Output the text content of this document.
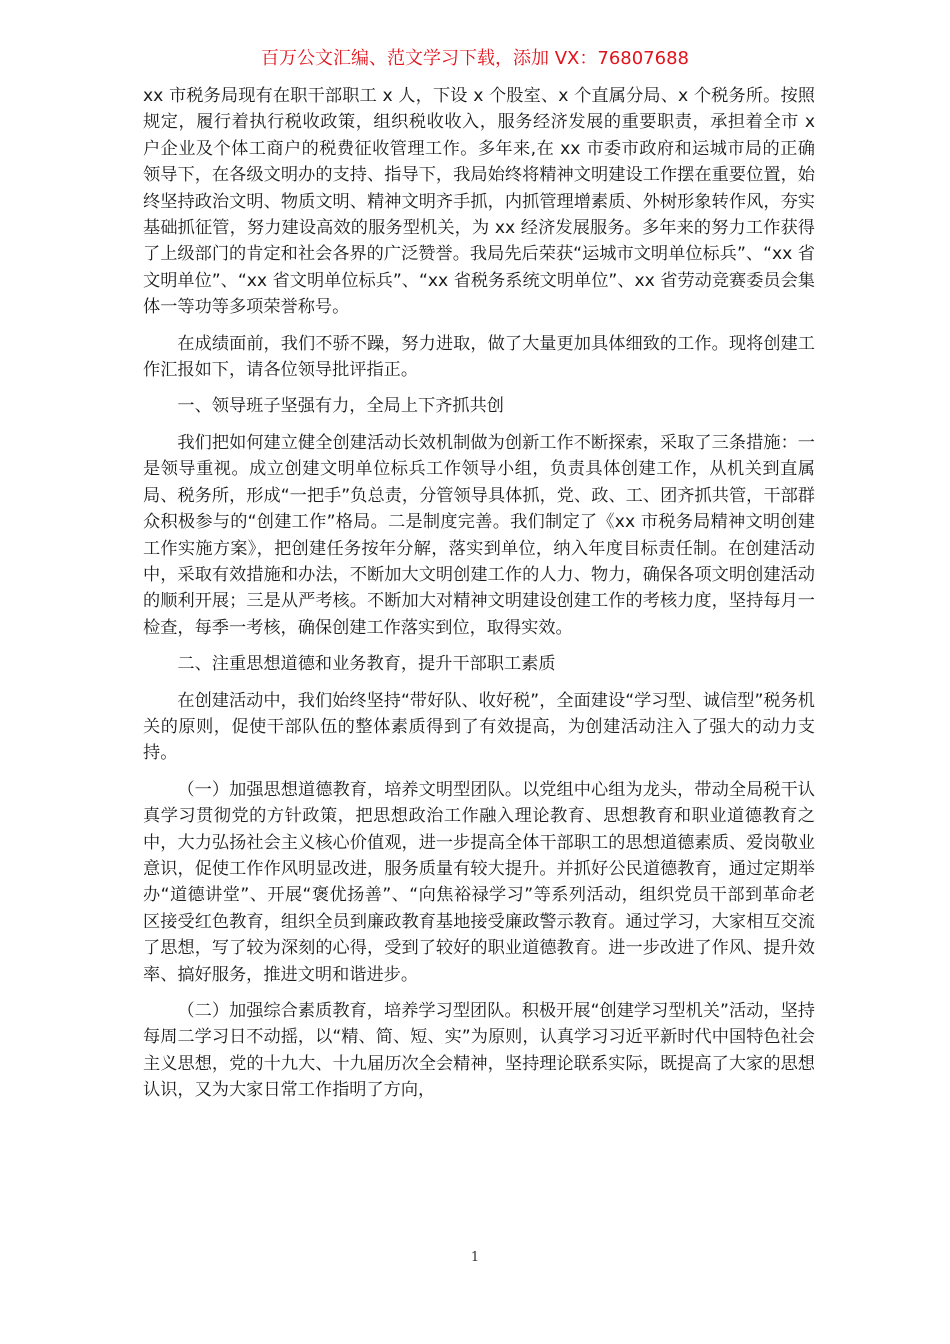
百万公文汇编、范文学习下载，添加 VX：76807688

xx 市税务局现有在职干部职工 x 人，下设 x 个股室、x 个直属分局、x 个税务所。按照规定，履行着执行税收政策，组织税收收入，服务经济发展的重要职责，承担着全市 x 户企业及个体工商户的税费征收管理工作。多年来,在 xx 市委市政府和运城市局的正确领导下，在各级文明办的支持、指导下，我局始终将精神文明建设工作摆在重要位置，始终坚持政治文明、物质文明、精神文明齐手抓，内抓管理增素质、外树形象转作风，夯实基础抓征管，努力建设高效的服务型机关，为 xx 经济发展服务。多年来的努力工作获得了上级部门的肯定和社会各界的广泛赞誉。我局先后荣获“运城市文明单位标兵”、“xx 省文明单位”、“xx 省文明单位标兵”、“xx 省税务系统文明单位”、xx 省劳动竞赛委员会集体一等功等多项荣誉称号。

在成绩面前，我们不骄不躁，努力进取，做了大量更加具体细致的工作。现将创建工作汇报如下，请各位领导批评指正。

一、领导班子坚强有力，全局上下齐抓共创

我们把如何建立健全创建活动长效机制做为创新工作不断探索，采取了三条措施：一是领导重视。成立创建文明单位标兵工作领导小组，负责具体创建工作，从机关到直属局、税务所，形成“一把手”负总责，分管领导具体抓，党、政、工、团齐抓共管，干部群众积极参与的“创建工作”格局。二是制度完善。我们制定了《xx 市税务局精神文明创建工作实施方案》，把创建任务按年分解，落实到单位，纳入年度目标责任制。在创建活动中，采取有效措施和办法，不断加大文明创建工作的人力、物力，确保各项文明创建活动的顺利开展；三是从严考核。不断加大对精神文明建设创建工作的考核力度，坚持每月一检查，每季一考核，确保创建工作落实到位，取得实效。

二、注重思想道德和业务教育，提升干部职工素质

在创建活动中，我们始终坚持“带好队、收好税”，全面建设“学习型、诚信型”税务机关的原则，促使干部队伍的整体素质得到了有效提高，为创建活动注入了强大的动力支持。

（一）加强思想道德教育，培养文明型团队。以党组中心组为龙头，带动全局税干认真学习贯彻党的方针政策，把思想政治工作融入理论教育、思想教育和职业道德教育之中，大力弘扬社会主义核心价值观，进一步提高全体干部职工的思想道德素质、爱岗敬业意识，促使工作作风明显改进，服务质量有较大提升。并抓好公民道德教育，通过定期举办“道德讲堂”、开展“褒优扬善”、“向焦裕禄学习”等系列活动，组织党员干部到革命老区接受红色教育，组织全员到廉政教育基地接受廉政警示教育。通过学习，大家相互交流了思想，写了较为深刻的心得，受到了较好的职业道德教育。进一步改进了作风、提升效率、搞好服务，推进文明和谐进步。

（二）加强综合素质教育，培养学习型团队。积极开展“创建学习型机关”活动，坚持每周二学习日不动摇，以“精、简、短、实”为原则，认真学习习近平新时代中国特色社会主义思想，党的十九大、十九届历次全会精神，坚持理论联系实际，既提高了大家的思想认识，又为大家日常工作指明了方向，

1
